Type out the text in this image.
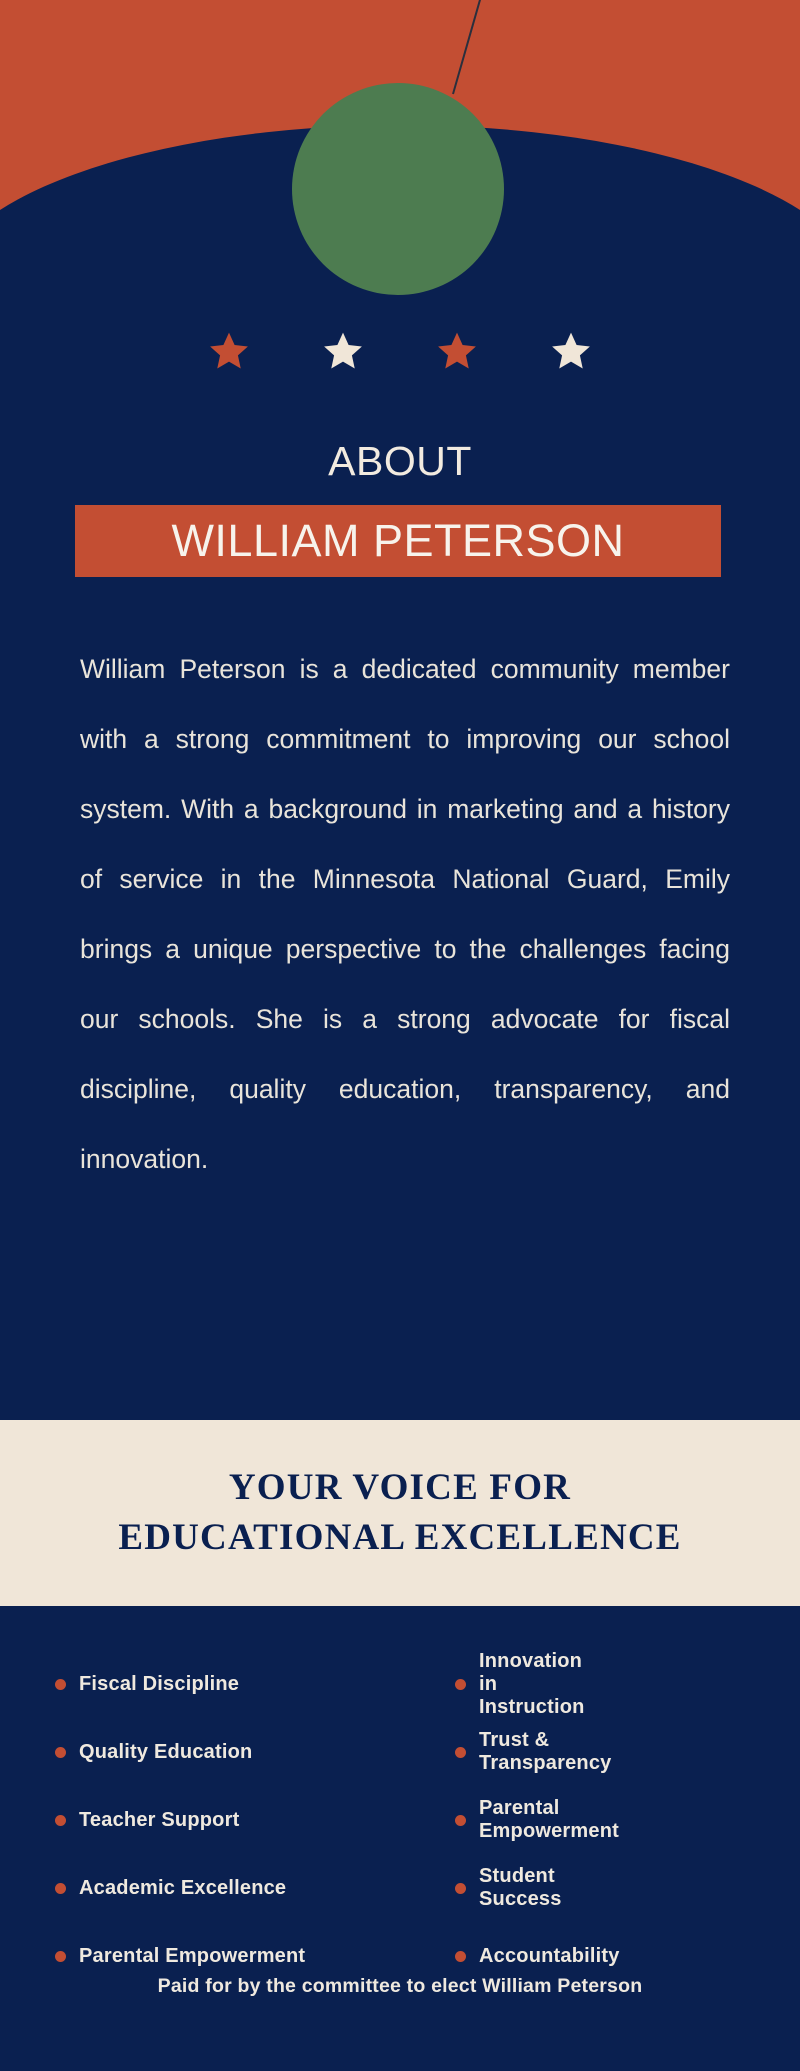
ABOUT
WILLIAM PETERSON
William Peterson is a dedicated community member with a strong commitment to improving our school system. With a background in marketing and a history of service in the Minnesota National Guard, Emily brings a unique perspective to the challenges facing our schools. She is a strong advocate for fiscal discipline, quality education, transparency, and innovation.
YOUR VOICE FOR
EDUCATIONAL EXCELLENCE
Fiscal Discipline
Quality Education
Teacher Support
Academic Excellence
Parental Empowerment
Innovation in Instruction
Trust & Transparency
Parental Empowerment
Student Success
Accountability
Paid for by the committee to elect William Peterson
